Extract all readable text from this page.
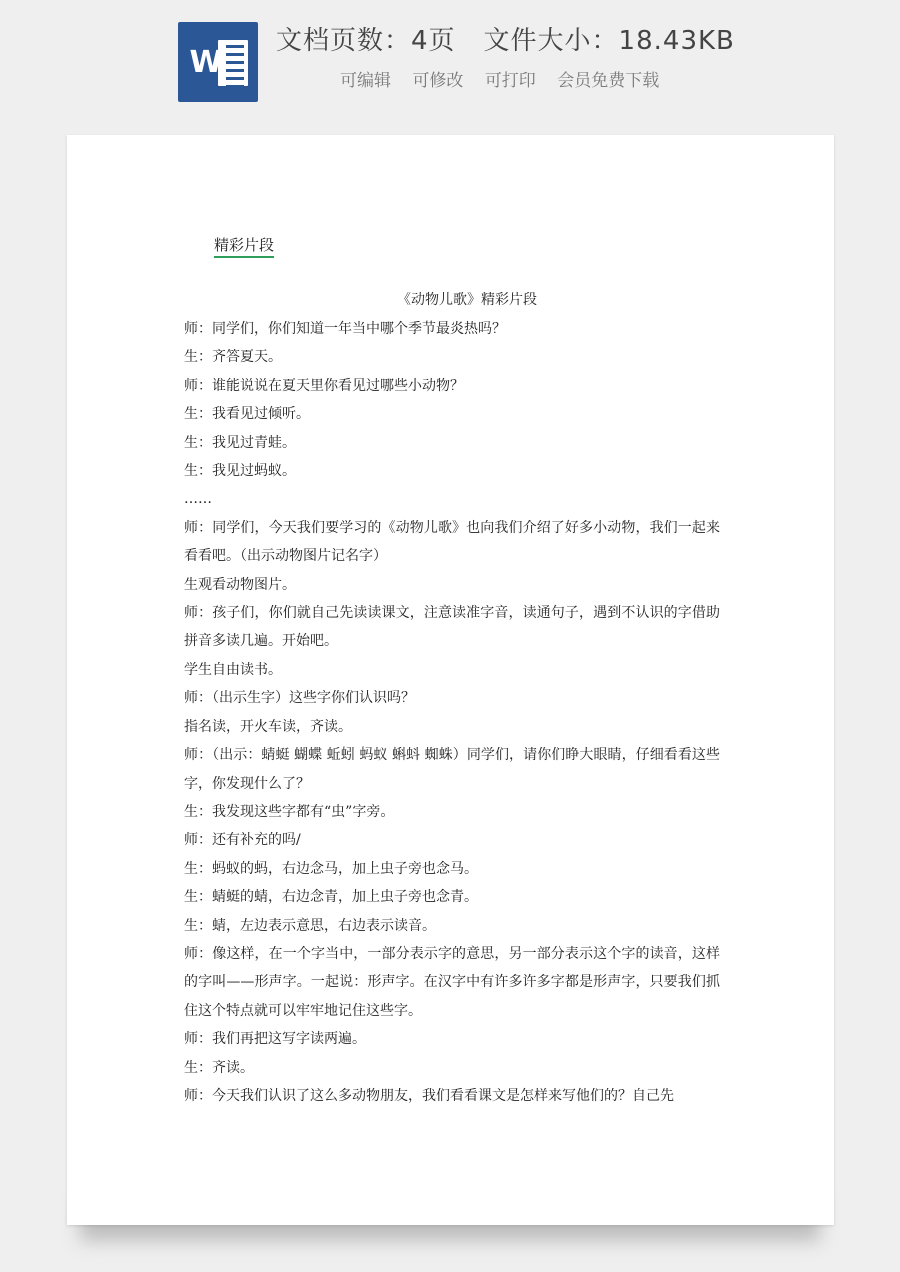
W
文档页数：4页 文件大小：18.43KB
可编辑 可修改 可打印 会员免费下载
精彩片段
《动物儿歌》精彩片段

师：同学们，你们知道一年当中哪个季节最炎热吗？

生：齐答夏天。

师：谁能说说在夏天里你看见过哪些小动物？

生：我看见过倾听。

生：我见过青蛙。

生：我见过蚂蚁。

……

师：同学们，今天我们要学习的《动物儿歌》也向我们介绍了好多小动物，我们一起来看看吧。（出示动物图片记名字）

生观看动物图片。

师：孩子们，你们就自己先读读课文，注意读准字音，读通句子，遇到不认识的字借助拼音多读几遍。开始吧。

学生自由读书。

师：（出示生字）这些字你们认识吗？

指名读，开火车读，齐读。

师：（出示：蜻蜓 蝴蝶 蚯蚓 蚂蚁 蝌蚪 蜘蛛）同学们，请你们睁大眼睛，仔细看看这些字，你发现什么了？

生：我发现这些字都有“虫”字旁。

师：还有补充的吗/

生：蚂蚁的蚂，右边念马，加上虫子旁也念马。

生：蜻蜓的蜻，右边念青，加上虫子旁也念青。

生：蜻，左边表示意思，右边表示读音。

师：像这样，在一个字当中，一部分表示字的意思，另一部分表示这个字的读音，这样的字叫——形声字。一起说：形声字。在汉字中有许多许多字都是形声字，只要我们抓住这个特点就可以牢牢地记住这些字。

师：我们再把这写字读两遍。

生：齐读。

师：今天我们认识了这么多动物朋友，我们看看课文是怎样来写他们的？自己先
